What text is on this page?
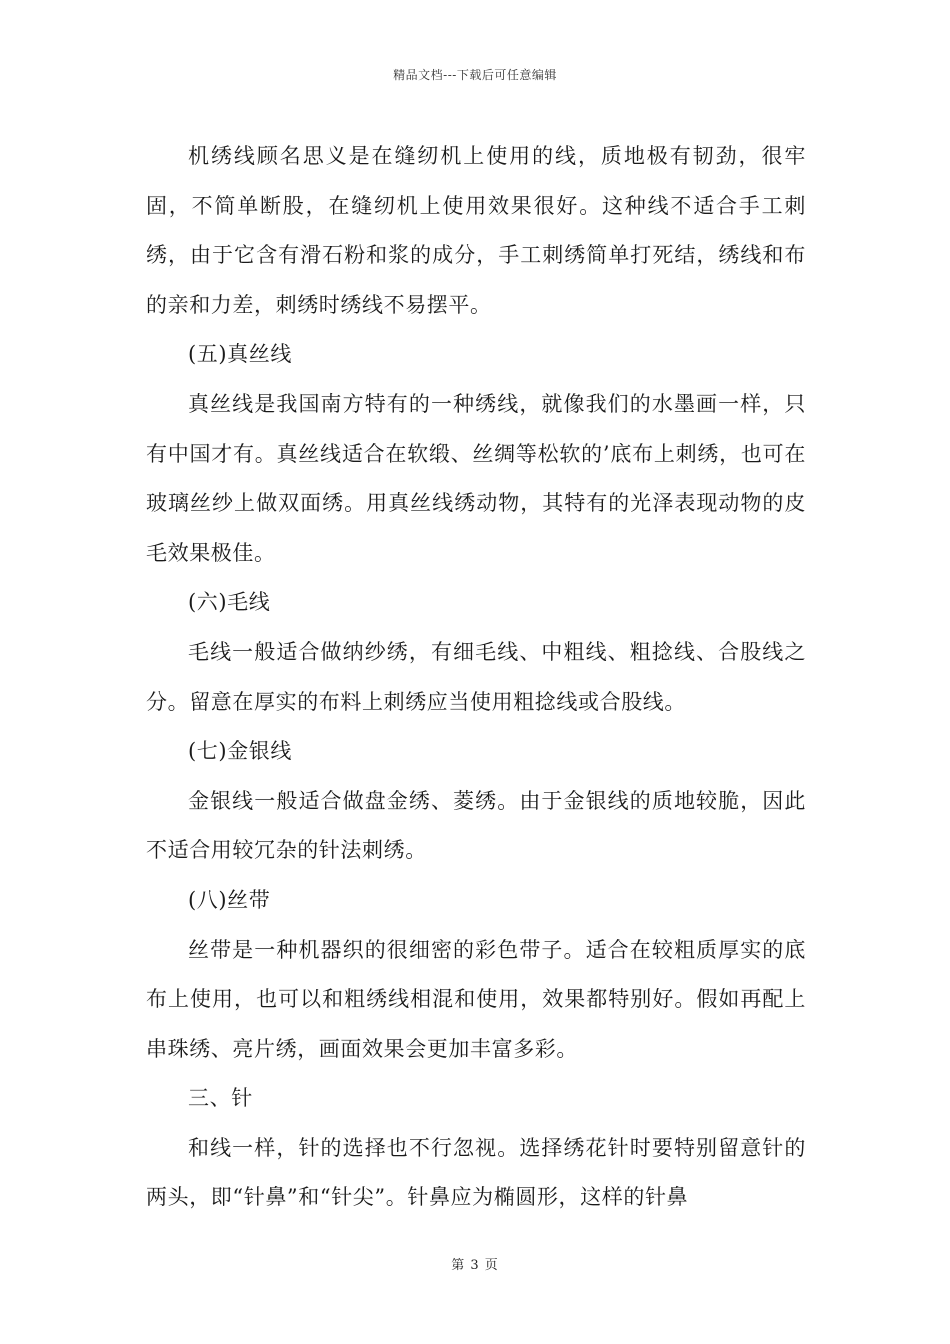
精品文档---下载后可任意编辑

机绣线顾名思义是在缝纫机上使用的线，质地极有韧劲，很牢固，不简单断股，在缝纫机上使用效果很好。这种线不适合手工刺绣，由于它含有滑石粉和浆的成分，手工刺绣简单打死结，绣线和布的亲和力差，刺绣时绣线不易摆平。

(五)真丝线

真丝线是我国南方特有的一种绣线，就像我们的水墨画一样，只有中国才有。真丝线适合在软缎、丝绸等松软的’底布上刺绣，也可在玻璃丝纱上做双面绣。用真丝线绣动物，其特有的光泽表现动物的皮毛效果极佳。

(六)毛线

毛线一般适合做纳纱绣，有细毛线、中粗线、粗捻线、合股线之分。留意在厚实的布料上刺绣应当使用粗捻线或合股线。

(七)金银线

金银线一般适合做盘金绣、菱绣。由于金银线的质地较脆，因此不适合用较冗杂的针法刺绣。

(八)丝带

丝带是一种机器织的很细密的彩色带子。适合在较粗质厚实的底布上使用，也可以和粗绣线相混和使用，效果都特别好。假如再配上串珠绣、亮片绣，画面效果会更加丰富多彩。

三、针

和线一样，针的选择也不行忽视。选择绣花针时要特别留意针的两头，即“针鼻”和“针尖”。针鼻应为椭圆形，这样的针鼻

第 3 页
